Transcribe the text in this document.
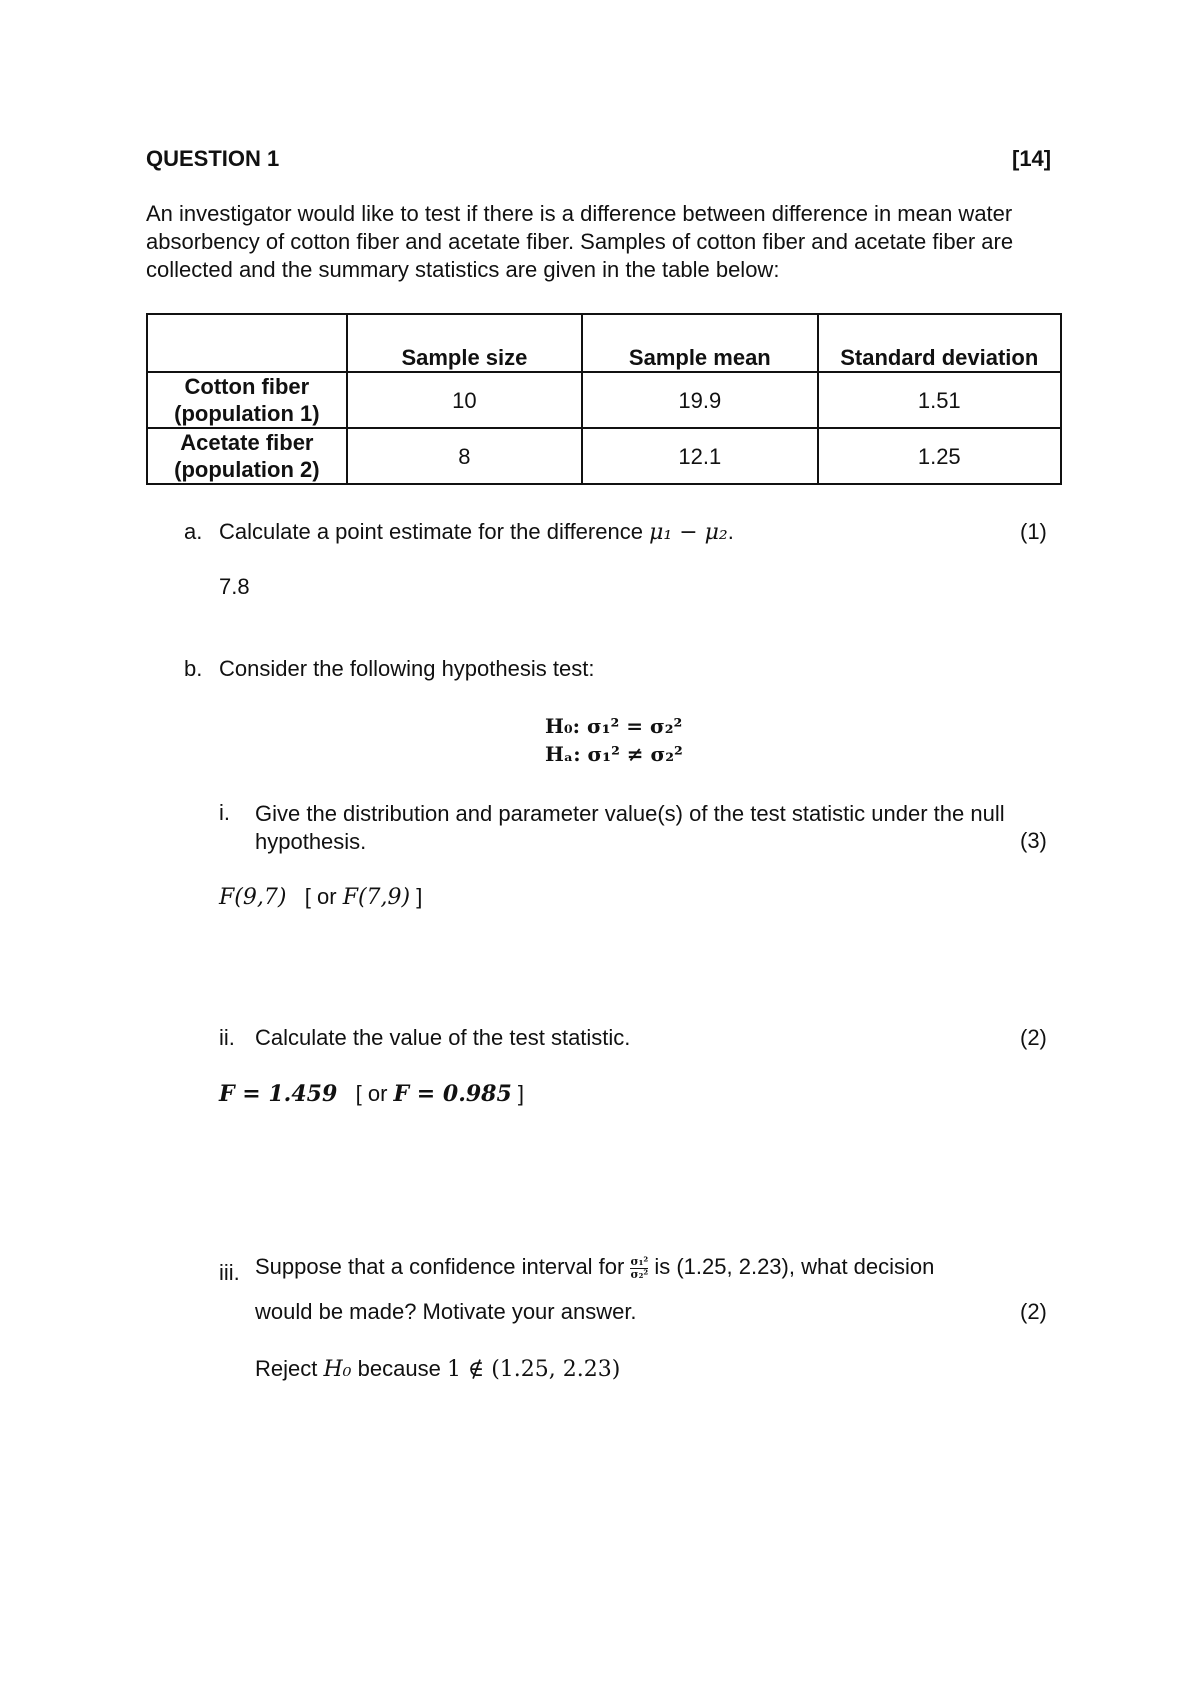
QUESTION 1	[14]
An investigator would like to test if there is a difference between difference in mean water absorbency of cotton fiber and acetate fiber. Samples of cotton fiber and acetate fiber are collected and the summary statistics are given in the table below:
	Sample size	Sample mean	Standard deviation
Cotton fiber (population 1)	10	19.9	1.51
Acetate fiber (population 2)	8	12.1	1.25
a. Calculate a point estimate for the difference μ₁ − μ₂.	(1)
7.8
b. Consider the following hypothesis test:
H₀: σ₁² = σ₂²
Hₐ: σ₁² ≠ σ₂²
i. Give the distribution and parameter value(s) of the test statistic under the null hypothesis.	(3)
F(9,7) [ or F(7,9) ]
ii. Calculate the value of the test statistic.	(2)
F = 1.459 [ or F = 0.985 ]
iii. Suppose that a confidence interval for $\frac{\text{σ₁²}}{\text{σ₂²}}$ is (1.25, 2.23), what decision
would be made? Motivate your answer.	(2)
Reject H₀ because 1 ∉ (1.25, 2.23)
